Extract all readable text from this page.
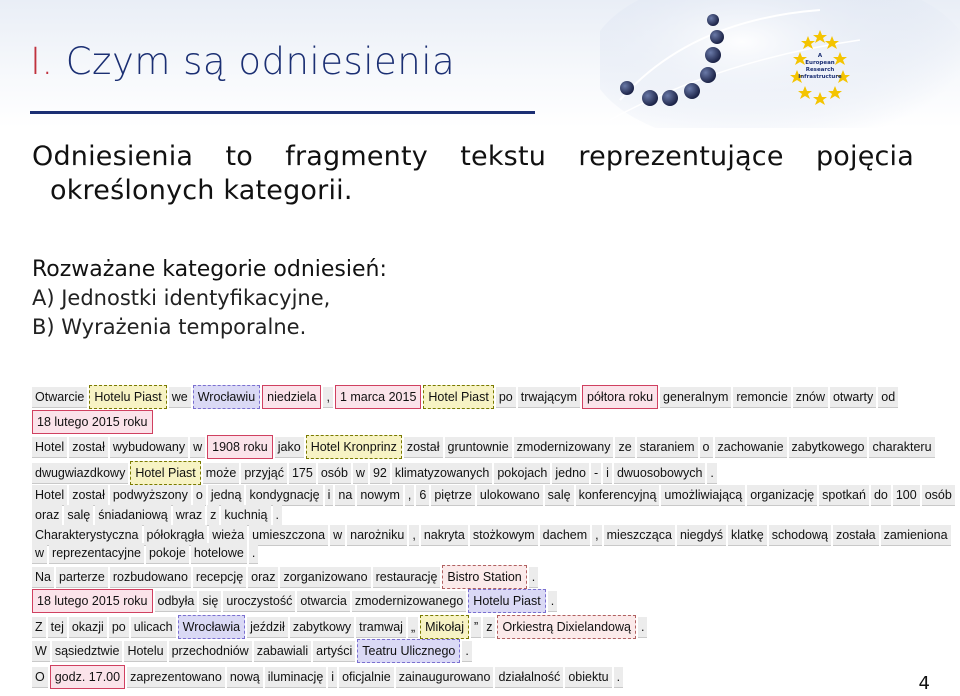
A
European
Research
Infrastructure
I. Czym są odniesienia
Odniesienia to fragmenty tekstu reprezentujące pojęcia
określonych kategorii.
Rozważane kategorie odniesień:
A) Jednostki identyfikacyjne,
B) Wyrażenia temporalne.
Otwarcie Hotelu Piast we Wrocławiu niedziela , 1 marca 2015 Hotel Piast po trwającym półtora roku generalnym remoncie znów otwarty od
18 lutego 2015 roku
Hotel został wybudowany w 1908 roku jako Hotel Kronprinz został gruntownie zmodernizowany ze staraniem o zachowanie zabytkowego charakteru
dwugwiazdkowy Hotel Piast może przyjąć 175 osób w 92 klimatyzowanych pokojach jedno - i dwuosobowych .
Hotel został podwyższony o jedną kondygnację i na nowym , 6 piętrze ulokowano salę konferencyjną umożliwiającą organizację spotkań do 100 osób
oraz salę śniadaniową wraz z kuchnią .
Charakterystyczna półokrągła wieża umieszczona w narożniku , nakryta stożkowym dachem , mieszcząca niegdyś klatkę schodową została zamieniona
w reprezentacyjne pokoje hotelowe .
Na parterze rozbudowano recepcję oraz zorganizowano restaurację Bistro Station .
18 lutego 2015 roku odbyła się uroczystość otwarcia zmodernizowanego Hotelu Piast .
Z tej okazji po ulicach Wrocławia jeździł zabytkowy tramwaj „ Mikołaj ” z Orkiestrą Dixielandową .
W sąsiedztwie Hotelu przechodniów zabawiali artyści Teatru Ulicznego .
O godz. 17.00 zaprezentowano nową iluminację i oficjalnie zainaugurowano działalność obiektu .	4
